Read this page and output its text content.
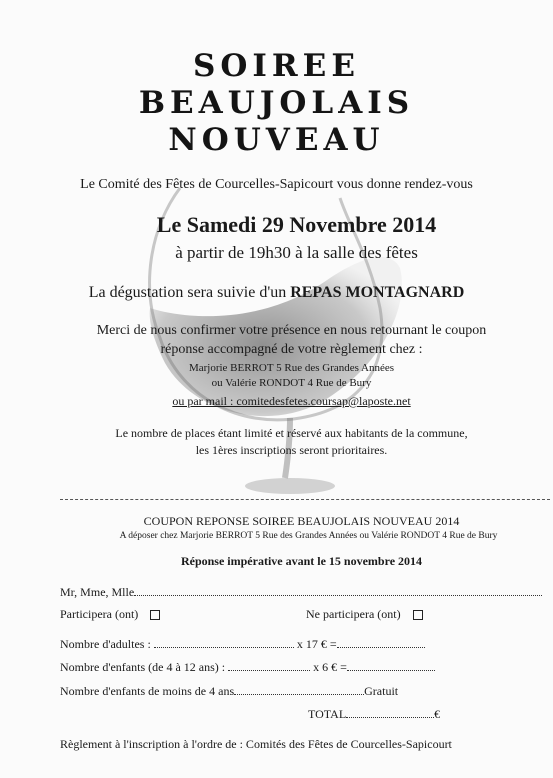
SOIREE
BEAUJOLAIS
NOUVEAU
Le Comité des Fêtes de Courcelles-Sapicourt vous donne rendez-vous
Le Samedi 29 Novembre 2014
à partir de 19h30 à la salle des fêtes
La dégustation sera suivie d'un REPAS MONTAGNARD
Merci de nous confirmer votre présence en nous retournant le coupon
réponse accompagné de votre règlement chez :
Marjorie BERROT 5 Rue des Grandes Années
ou Valérie RONDOT 4 Rue de Bury
ou par mail : comitedesfetes.coursap@laposte.net
Le nombre de places étant limité et réservé aux habitants de la commune,
les 1ères inscriptions seront prioritaires.
COUPON REPONSE SOIREE BEAUJOLAIS NOUVEAU 2014
A déposer chez Marjorie BERROT 5 Rue des Grandes Années ou Valérie RONDOT 4 Rue de Bury
Réponse impérative avant le 15 novembre 2014
Mr, Mme, Mlle
Participera (ont)	Ne participera (ont)
Nombre d'adultes :	x 17 € =
Nombre d'enfants (de 4 à 12 ans) :	x 6 € =
Nombre d'enfants de moins de 4 ans	Gratuit
TOTAL	€
Règlement à l'inscription à l'ordre de : Comités des Fêtes de Courcelles-Sapicourt
